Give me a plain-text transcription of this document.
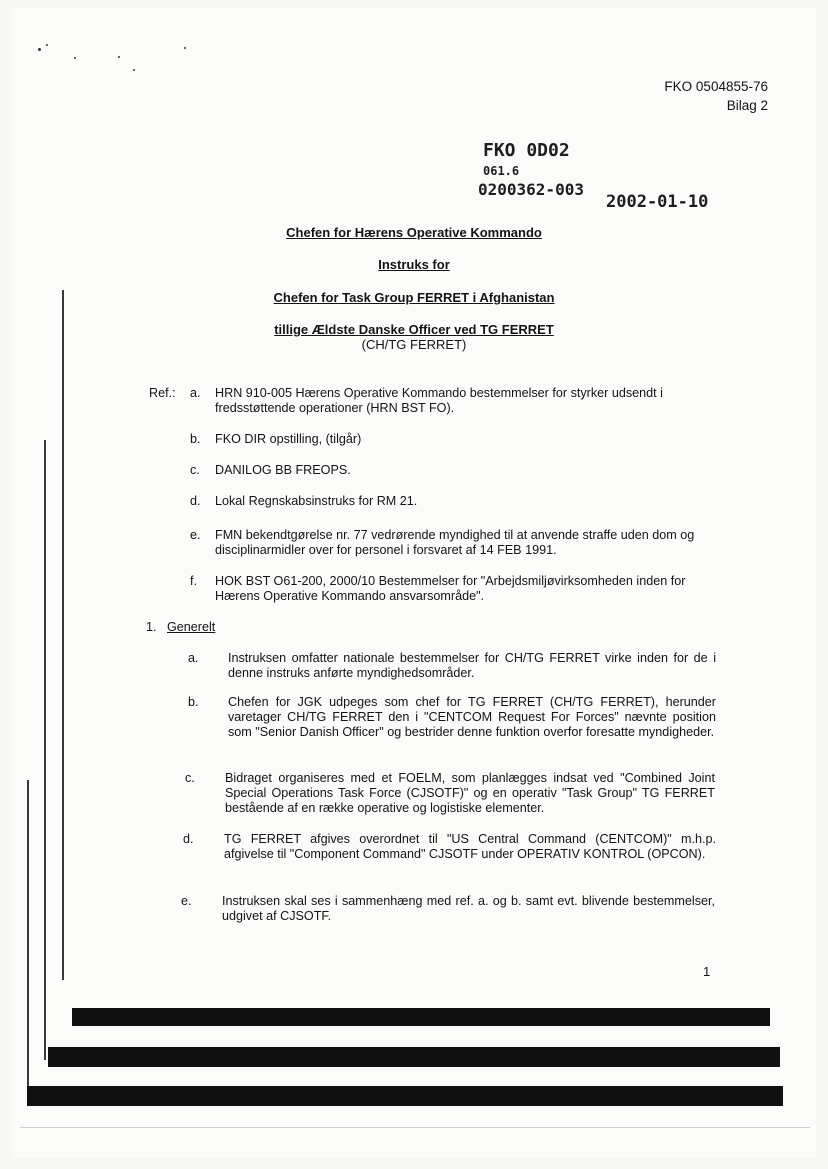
FKO 0504855-76
Bilag 2
FKO 0D02
061.6
0200362-003
2002-01-10
Chefen for Hærens Operative Kommando
Instruks for
Chefen for Task Group FERRET i Afghanistan
tillige Ældste Danske Officer ved TG FERRET
(CH/TG FERRET)
Ref.: a. HRN 910-005 Hærens Operative Kommando bestemmelser for styrker udsendt i fredsstøttende operationer (HRN BST FO).
b. FKO DIR opstilling, (tilgår)
c. DANILOG BB FREOPS.
d. Lokal Regnskabsinstruks for RM 21.
e. FMN bekendtgørelse nr. 77 vedrørende myndighed til at anvende straffe uden dom og disciplinarmidler over for personel i forsvaret af 14 FEB 1991.
f. HOK BST O61-200, 2000/10 Bestemmelser for "Arbejdsmiljøvirksomheden inden for Hærens Operative Kommando ansvarsområde".
1. Generelt
a. Instruksen omfatter nationale bestemmelser for CH/TG FERRET virke inden for de i denne instruks anførte myndighedsområder.
b. Chefen for JGK udpeges som chef for TG FERRET (CH/TG FERRET), herunder varetager CH/TG FERRET den i "CENTCOM Request For Forces" nævnte position som "Senior Danish Officer" og bestrider denne funktion overfor foresatte myndigheder.
c. Bidraget organiseres med et FOELM, som planlægges indsat ved "Combined Joint Special Operations Task Force (CJSOTF)" og en operativ "Task Group" TG FERRET bestående af en række operative og logistiske elementer.
d. TG FERRET afgives overordnet til "US Central Command (CENTCOM)" m.h.p. afgivelse til "Component Command" CJSOTF under OPERATIV KONTROL (OPCON).
e. Instruksen skal ses i sammenhæng med ref. a. og b. samt evt. blivende bestemmelser, udgivet af CJSOTF.
1
